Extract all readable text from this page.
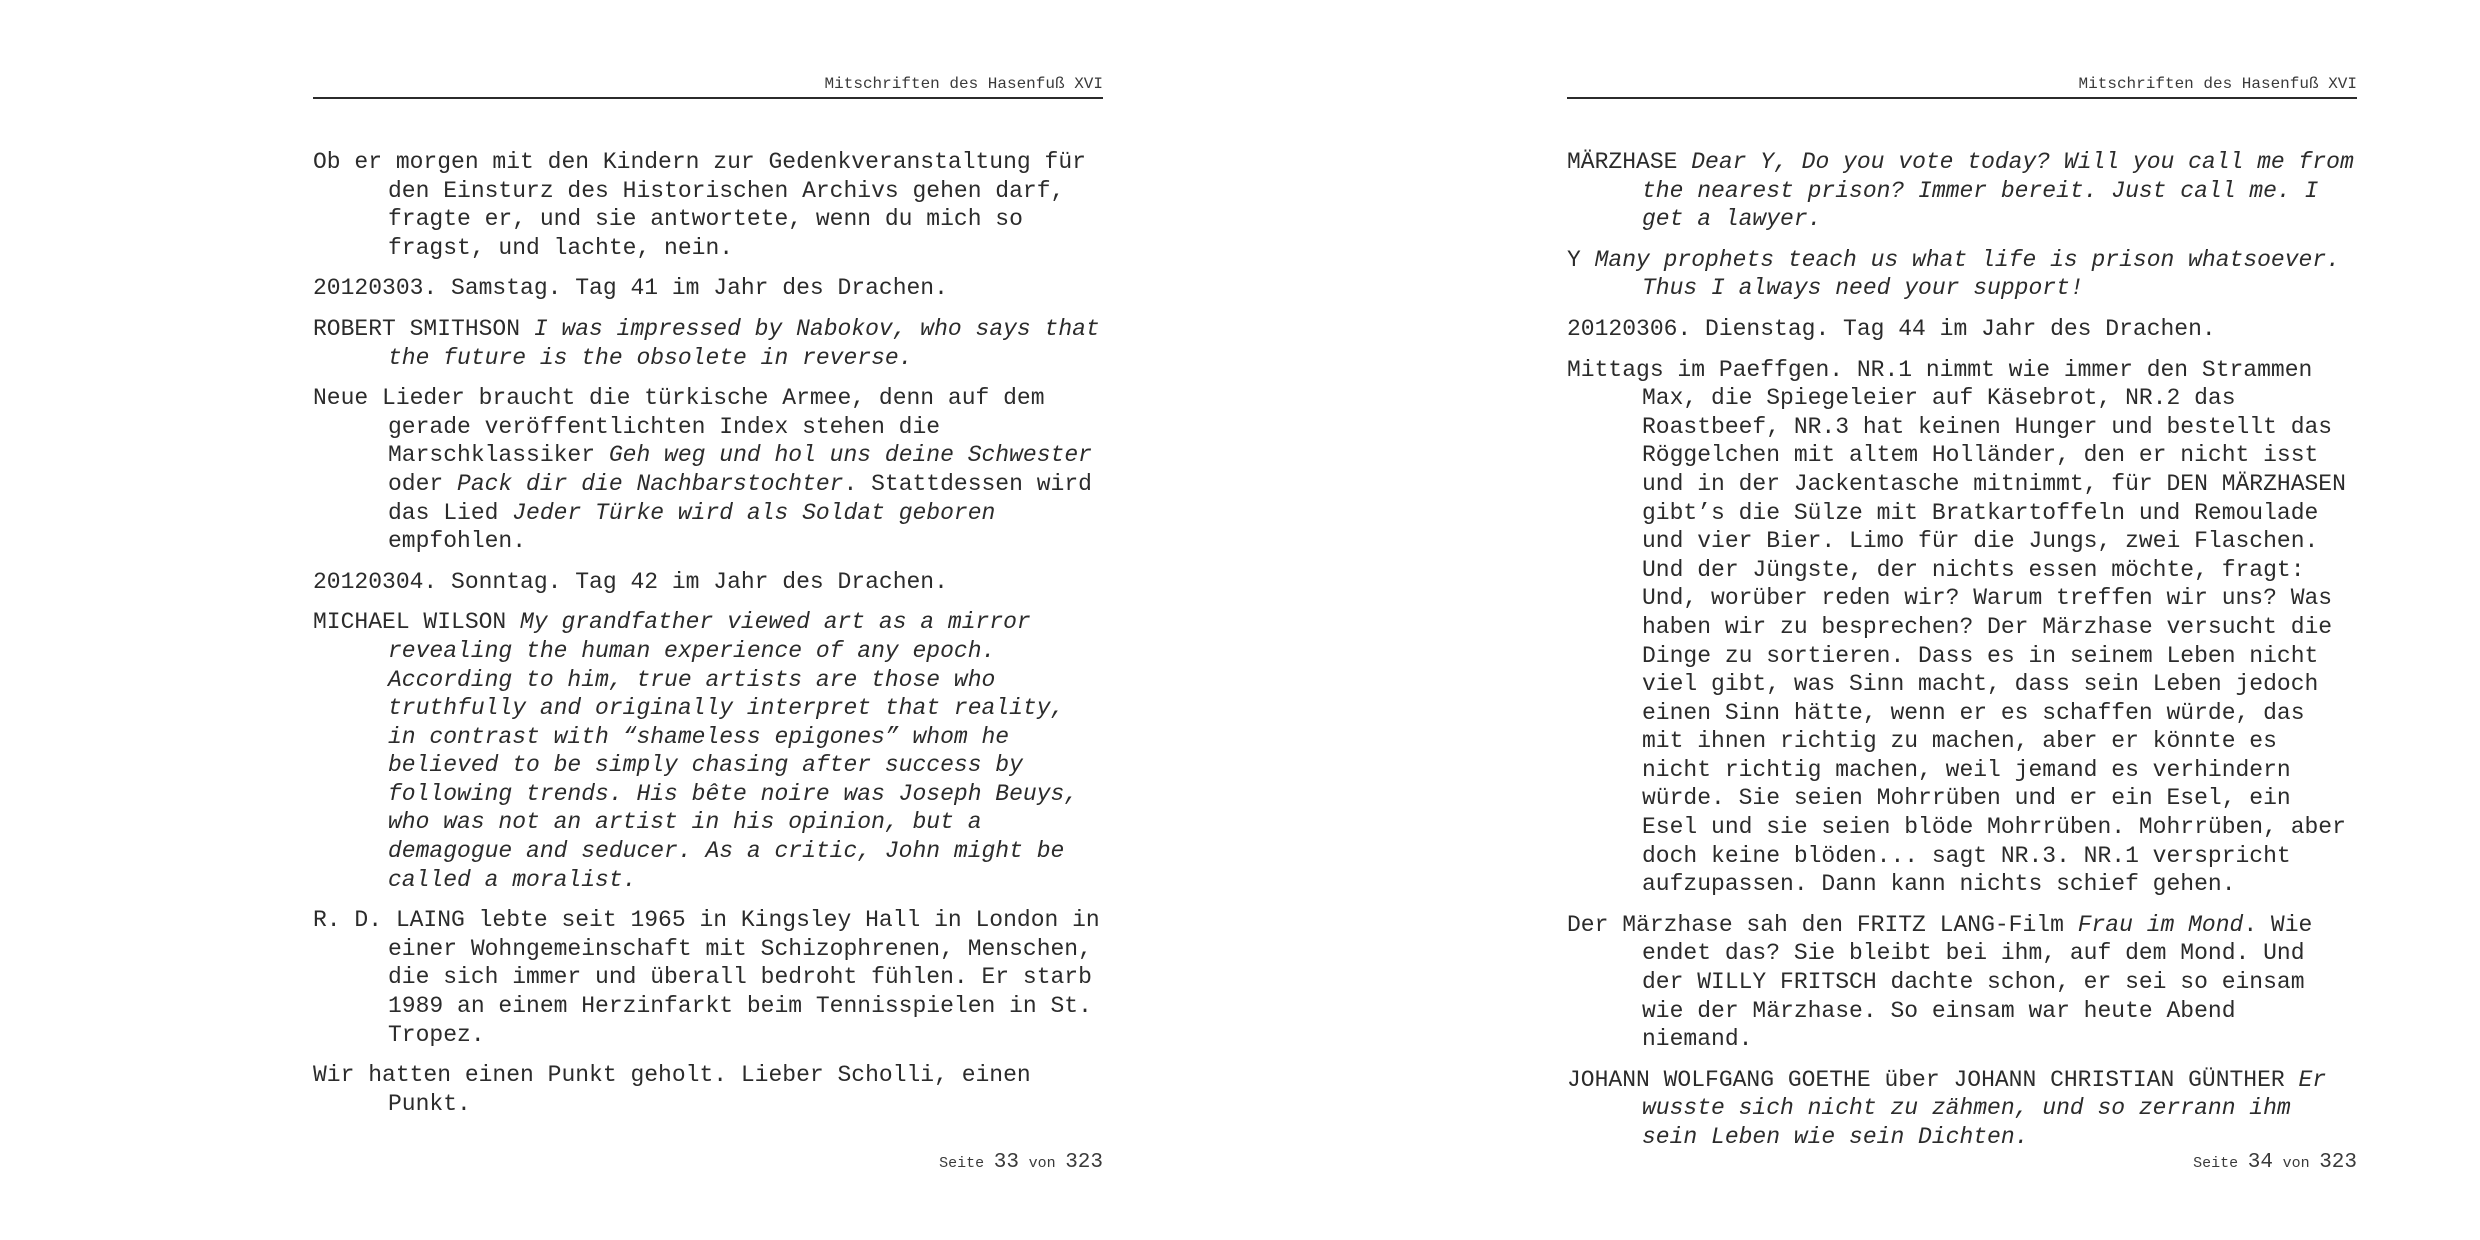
Mitschriften des Hasenfuß XVI

Ob er morgen mit den Kindern zur Gedenkveranstaltung für den Einsturz des Historischen Archivs gehen darf, fragte er, und sie antwortete, wenn du mich so fragst, und lachte, nein.

20120303. Samstag. Tag 41 im Jahr des Drachen.

ROBERT SMITHSON I was impressed by Nabokov, who says that the future is the obsolete in reverse.

Neue Lieder braucht die türkische Armee, denn auf dem gerade veröffentlichten Index stehen die Marschklassiker Geh weg und hol uns deine Schwester oder Pack dir die Nachbarstochter. Stattdessen wird das Lied Jeder Türke wird als Soldat geboren empfohlen.

20120304. Sonntag. Tag 42 im Jahr des Drachen.

MICHAEL WILSON My grandfather viewed art as a mirror revealing the human experience of any epoch. According to him, true artists are those who truthfully and originally interpret that reality, in contrast with “shameless epigones” whom he believed to be simply chasing after success by following trends. His bête noire was Joseph Beuys, who was not an artist in his opinion, but a demagogue and seducer. As a critic, John might be called a moralist.

R. D. LAING lebte seit 1965 in Kingsley Hall in London in einer Wohngemeinschaft mit Schizophrenen, Menschen, die sich immer und überall bedroht fühlen. Er starb 1989 an einem Herzinfarkt beim Tennisspielen in St. Tropez.

Wir hatten einen Punkt geholt. Lieber Scholli, einen Punkt.

Seite 33 von 323
Mitschriften des Hasenfuß XVI

MÄRZHASE Dear Y, Do you vote today? Will you call me from the nearest prison? Immer bereit. Just call me. I get a lawyer.

Y Many prophets teach us what life is prison whatsoever. Thus I always need your support!

20120306. Dienstag. Tag 44 im Jahr des Drachen.

Mittags im Paeffgen. NR.1 nimmt wie immer den Strammen Max, die Spiegeleier auf Käsebrot, NR.2 das Roastbeef, NR.3 hat keinen Hunger und bestellt das Röggelchen mit altem Holländer, den er nicht isst und in der Jackentasche mitnimmt, für DEN MÄRZHASEN gibt’s die Sülze mit Bratkartoffeln und Remoulade und vier Bier. Limo für die Jungs, zwei Flaschen. Und der Jüngste, der nichts essen möchte, fragt: Und, worüber reden wir? Warum treffen wir uns? Was haben wir zu besprechen? Der Märzhase versucht die Dinge zu sortieren. Dass es in seinem Leben nicht viel gibt, was Sinn macht, dass sein Leben jedoch einen Sinn hätte, wenn er es schaffen würde, das mit ihnen richtig zu machen, aber er könnte es nicht richtig machen, weil jemand es verhindern würde. Sie seien Mohrrüben und er ein Esel, ein Esel und sie seien blöde Mohrrüben. Mohrrüben, aber doch keine blöden... sagt NR.3. NR.1 verspricht aufzupassen. Dann kann nichts schief gehen.

Der Märzhase sah den FRITZ LANG-Film Frau im Mond. Wie endet das? Sie bleibt bei ihm, auf dem Mond. Und der WILLY FRITSCH dachte schon, er sei so einsam wie der Märzhase. So einsam war heute Abend niemand.

JOHANN WOLFGANG GOETHE über JOHANN CHRISTIAN GÜNTHER Er wusste sich nicht zu zähmen, und so zerrann ihm sein Leben wie sein Dichten.

Seite 34 von 323
